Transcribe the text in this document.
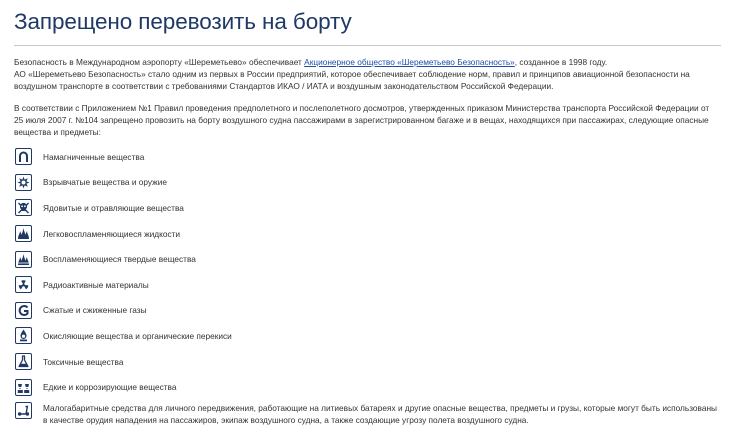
Запрещено перевозить на борту

Безопасность в Международном аэропорту «Шереметьево» обеспечивает Акционерное общество «Шереметьево Безопасность», созданное в 1998 году.

АО «Шереметьево Безопасность» стало одним из первых в России предприятий, которое обеспечивает соблюдение норм, правил и принципов авиационной безопасности на воздушном транспорте в соответствии с требованиями Стандартов ИКАО / ИАТА и воздушным законодательством Российской Федерации.

В соответствии с Приложением №1 Правил проведения предполетного и послеполетного досмотров, утвержденных приказом Министерства транспорта Российской Федерации от 25 июля 2007 г. №104 запрещено провозить на борту воздушного судна пассажирами в зарегистрированном багаже и в вещах, находящихся при пассажирах, следующие опасные вещества и предметы:

Намагниченные вещества
Взрывчатые вещества и оружие
Ядовитые и отравляющие вещества
Легковоспламеняющиеся жидкости
Воспламеняющиеся твердые вещества
Радиоактивные материалы
Сжатые и сжиженные газы
Окисляющие вещества и органические перекиси
Токсичные вещества
Едкие и коррозирующие вещества
Малогабаритные средства для личного передвижения, работающие на литиевых батареях и другие опасные вещества, предметы и грузы, которые могут быть использованы в качестве орудия нападения на пассажиров, экипаж воздушного судна, а также создающие угрозу полета воздушного судна.
